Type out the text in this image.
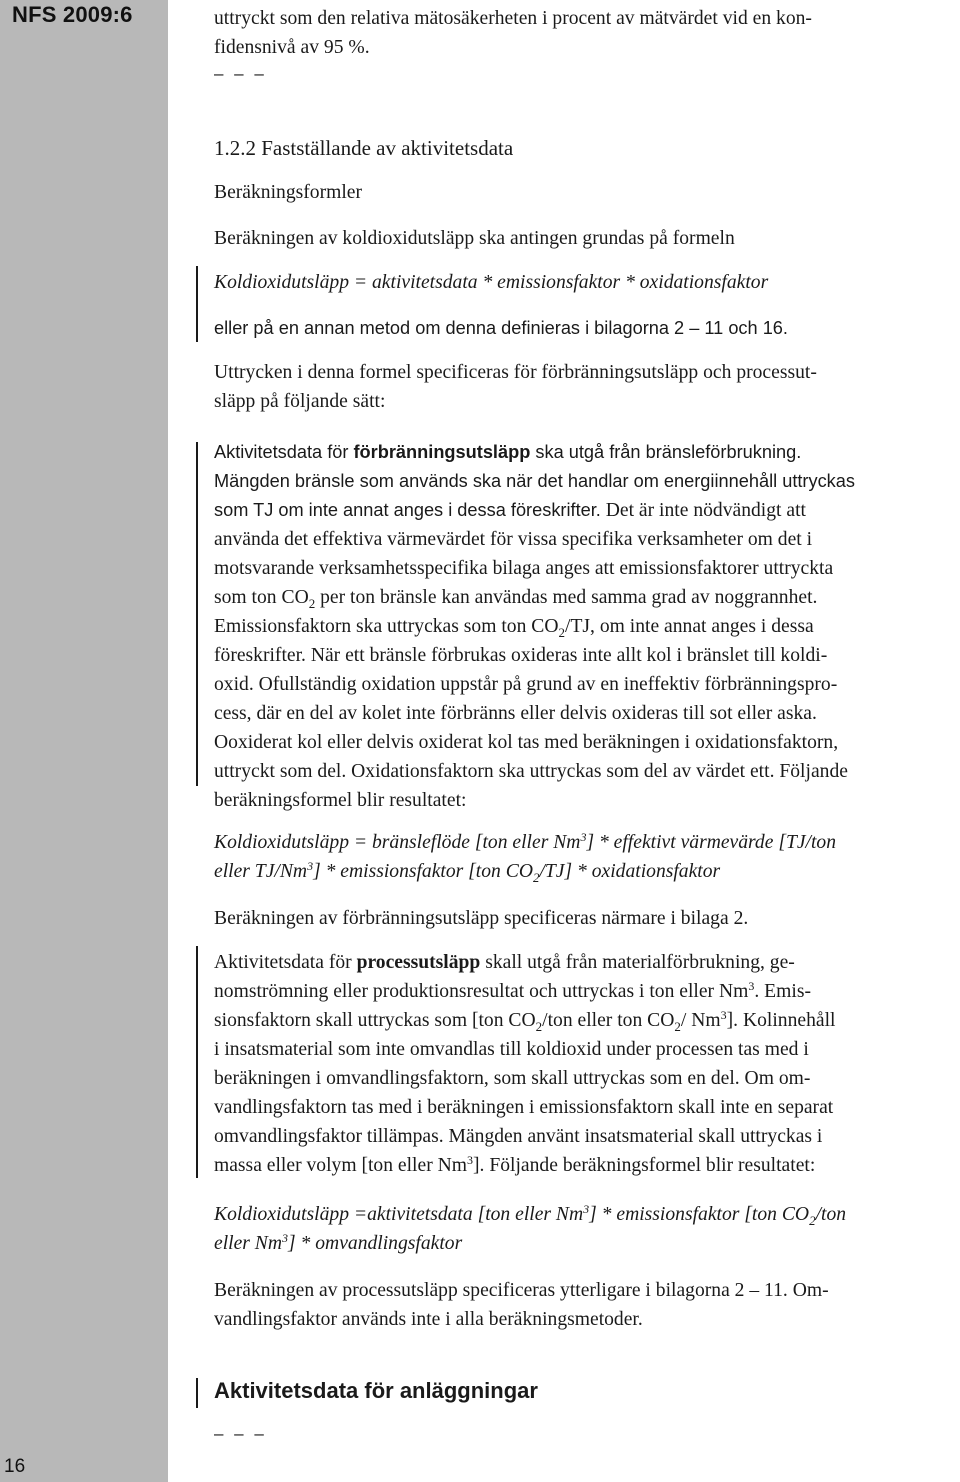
NFS 2009:6
16

uttryckt som den relativa mätosäkerheten i procent av mätvärdet vid en kon-

fidensnivå av 95 %.

1.2.2 Fastställande av aktivitetsdata

Beräkningsformler

Beräkningen av koldioxidutsläpp ska antingen grundas på formeln

Koldioxidutsläpp = aktivitetsdata * emissionsfaktor * oxidationsfaktor

eller på en annan metod om denna definieras i bilagorna 2 – 11 och 16.

Uttrycken i denna formel specificeras för förbränningsutsläpp och processut-

släpp på följande sätt:

Aktivitetsdata för förbränningsutsläpp ska utgå från bränsleförbrukning.

Mängden bränsle som används ska när det handlar om energiinnehåll uttryckas

som TJ om inte annat anges i dessa föreskrifter. Det är inte nödvändigt att

använda det effektiva värmevärdet för vissa specifika verksamheter om det i

motsvarande verksamhetsspecifika bilaga anges att emissionsfaktorer uttryckta

som ton $CO_2$ per ton bränsle kan användas med samma grad av noggrannhet.

Emissionsfaktorn ska uttryckas som ton $CO_2/TJ$, om inte annat anges i dessa

föreskrifter. När ett bränsle förbrukas oxideras inte allt kol i bränslet till koldi-

oxid. Ofullständig oxidation uppstår på grund av en ineffektiv förbränningspro-

cess, där en del av kolet inte förbränns eller delvis oxideras till sot eller aska.

Ooxiderat kol eller delvis oxiderat kol tas med beräkningen i oxidationsfaktorn,

uttryckt som del. Oxidationsfaktorn ska uttryckas som del av värdet ett. Följande

beräkningsformel blir resultatet:

Koldioxidutsläpp = bränsleflöde [ton eller Nm$^3$] * effektivt värmevärde [TJ/ton

eller TJ/Nm$^3$] * emissionsfaktor [ton $CO_2/TJ$] * oxidationsfaktor

Beräkningen av förbränningsutsläpp specificeras närmare i bilaga 2.

Aktivitetsdata för processutsläpp skall utgå från materialförbrukning, ge-

nomströmning eller produktionsresultat och uttryckas i ton eller Nm$^3$. Emis-

sionsfaktorn skall uttryckas som [ton $CO_2$/ton eller ton $CO_2/$ Nm$^3$]. Kolinnehåll

i insatsmaterial som inte omvandlas till koldioxid under processen tas med i

beräkningen i omvandlingsfaktorn, som skall uttryckas som en del. Om om-

vandlingsfaktorn tas med i beräkningen i emissionsfaktorn skall inte en separat

omvandlingsfaktor tillämpas. Mängden använt insatsmaterial skall uttryckas i

massa eller volym [ton eller Nm$^3$]. Följande beräkningsformel blir resultatet:

Koldioxidutsläpp =aktivitetsdata [ton eller Nm$^3$] * emissionsfaktor [ton $CO_2$/ton

eller Nm$^3$] * omvandlingsfaktor

Beräkningen av processutsläpp specificeras ytterligare i bilagorna 2 – 11. Om-

vandlingsfaktor används inte i alla beräkningsmetoder.

Aktivitetsdata för anläggningar

– – –
– – –
